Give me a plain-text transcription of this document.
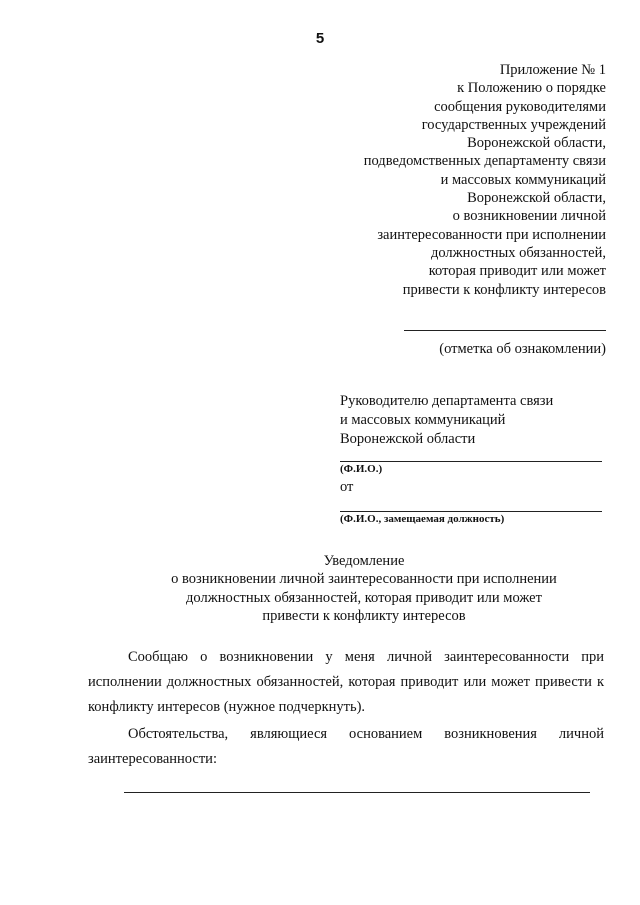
5
Приложение № 1
к Положению о порядке
сообщения руководителями
государственных учреждений
Воронежской области,
подведомственных департаменту связи
и массовых коммуникаций
Воронежской области,
о возникновении личной
заинтересованности при исполнении
должностных обязанностей,
которая приводит или может
привести к конфликту интересов
(отметка об ознакомлении)
Руководителю департамента связи
и массовых коммуникаций
Воронежской области
(Ф.И.О.)
от
(Ф.И.О., замещаемая должность)
Уведомление
о возникновении личной заинтересованности при исполнении
должностных обязанностей, которая приводит или может
привести к конфликту интересов
Сообщаю о возникновении у меня личной заинтересованности при исполнении должностных обязанностей, которая приводит или может привести к конфликту интересов (нужное подчеркнуть).
Обстоятельства, являющиеся основанием возникновения личной
заинтересованности:
